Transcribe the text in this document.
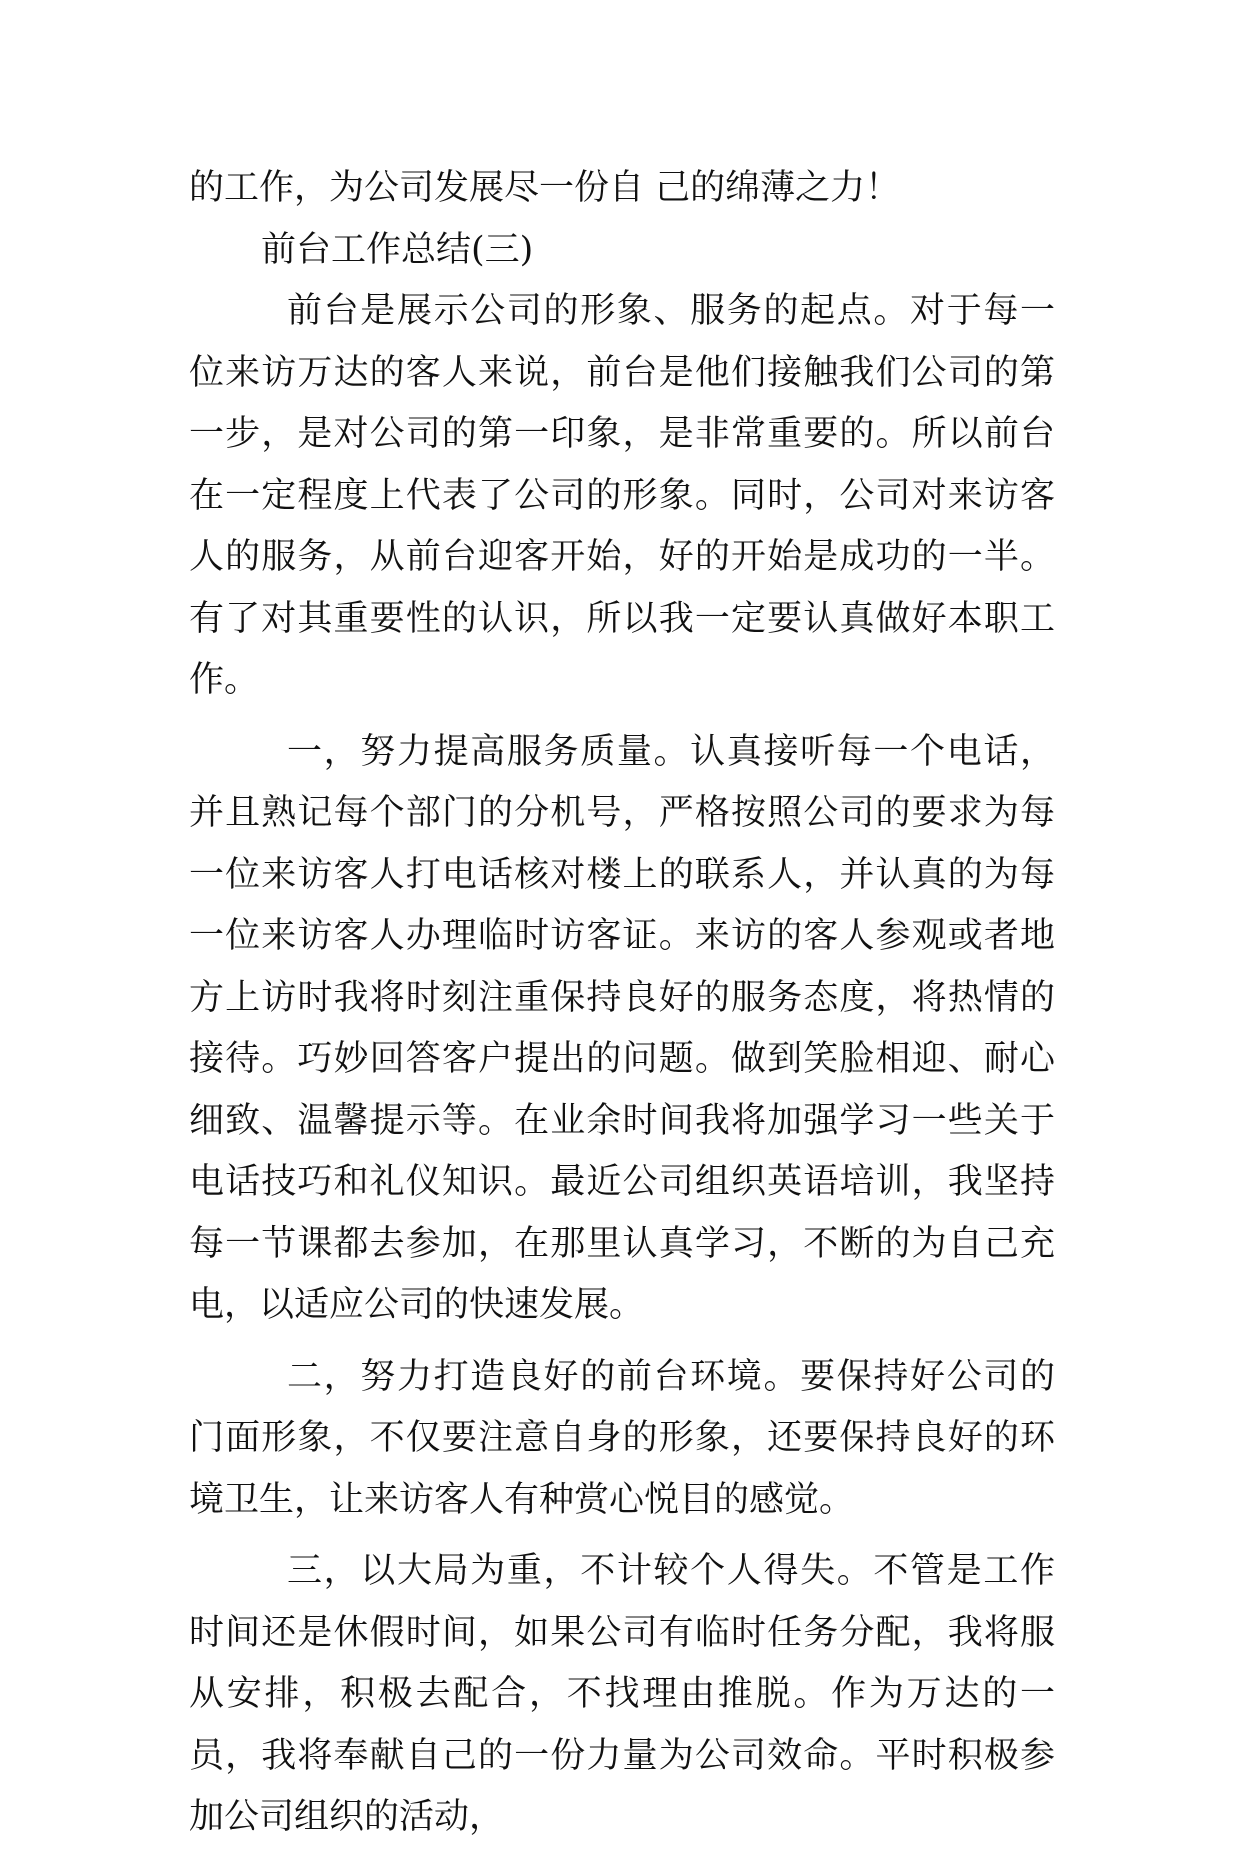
的工作，为公司发展尽一份自 己的绵薄之力！

前台工作总结(三)

前台是展示公司的形象、服务的起点。对于每一位来访万达的客人来说，前台是他们接触我们公司的第一步，是对公司的第一印象，是非常重要的。所以前台在一定程度上代表了公司的形象。同时，公司对来访客人的服务，从前台迎客开始，好的开始是成功的一半。有了对其重要性的认识，所以我一定要认真做好本职工作。

一，努力提高服务质量。认真接听每一个电话，并且熟记每个部门的分机号，严格按照公司的要求为每一位来访客人打电话核对楼上的联系人，并认真的为每一位来访客人办理临时访客证。来访的客人参观或者地方上访时我将时刻注重保持良好的服务态度，将热情的接待。巧妙回答客户提出的问题。做到笑脸相迎、耐心细致、温馨提示等。在业余时间我将加强学习一些关于电话技巧和礼仪知识。最近公司组织英语培训，我坚持每一节课都去参加，在那里认真学习，不断的为自己充电，以适应公司的快速发展。

二，努力打造良好的前台环境。要保持好公司的门面形象，不仅要注意自身的形象，还要保持良好的环境卫生，让来访客人有种赏心悦目的感觉。

三，以大局为重，不计较个人得失。不管是工作时间还是休假时间，如果公司有临时任务分配，我将服从安排，积极去配合，不找理由推脱。作为万达的一员，我将奉献自己的一份力量为公司效命。平时积极参加公司组织的活动，
